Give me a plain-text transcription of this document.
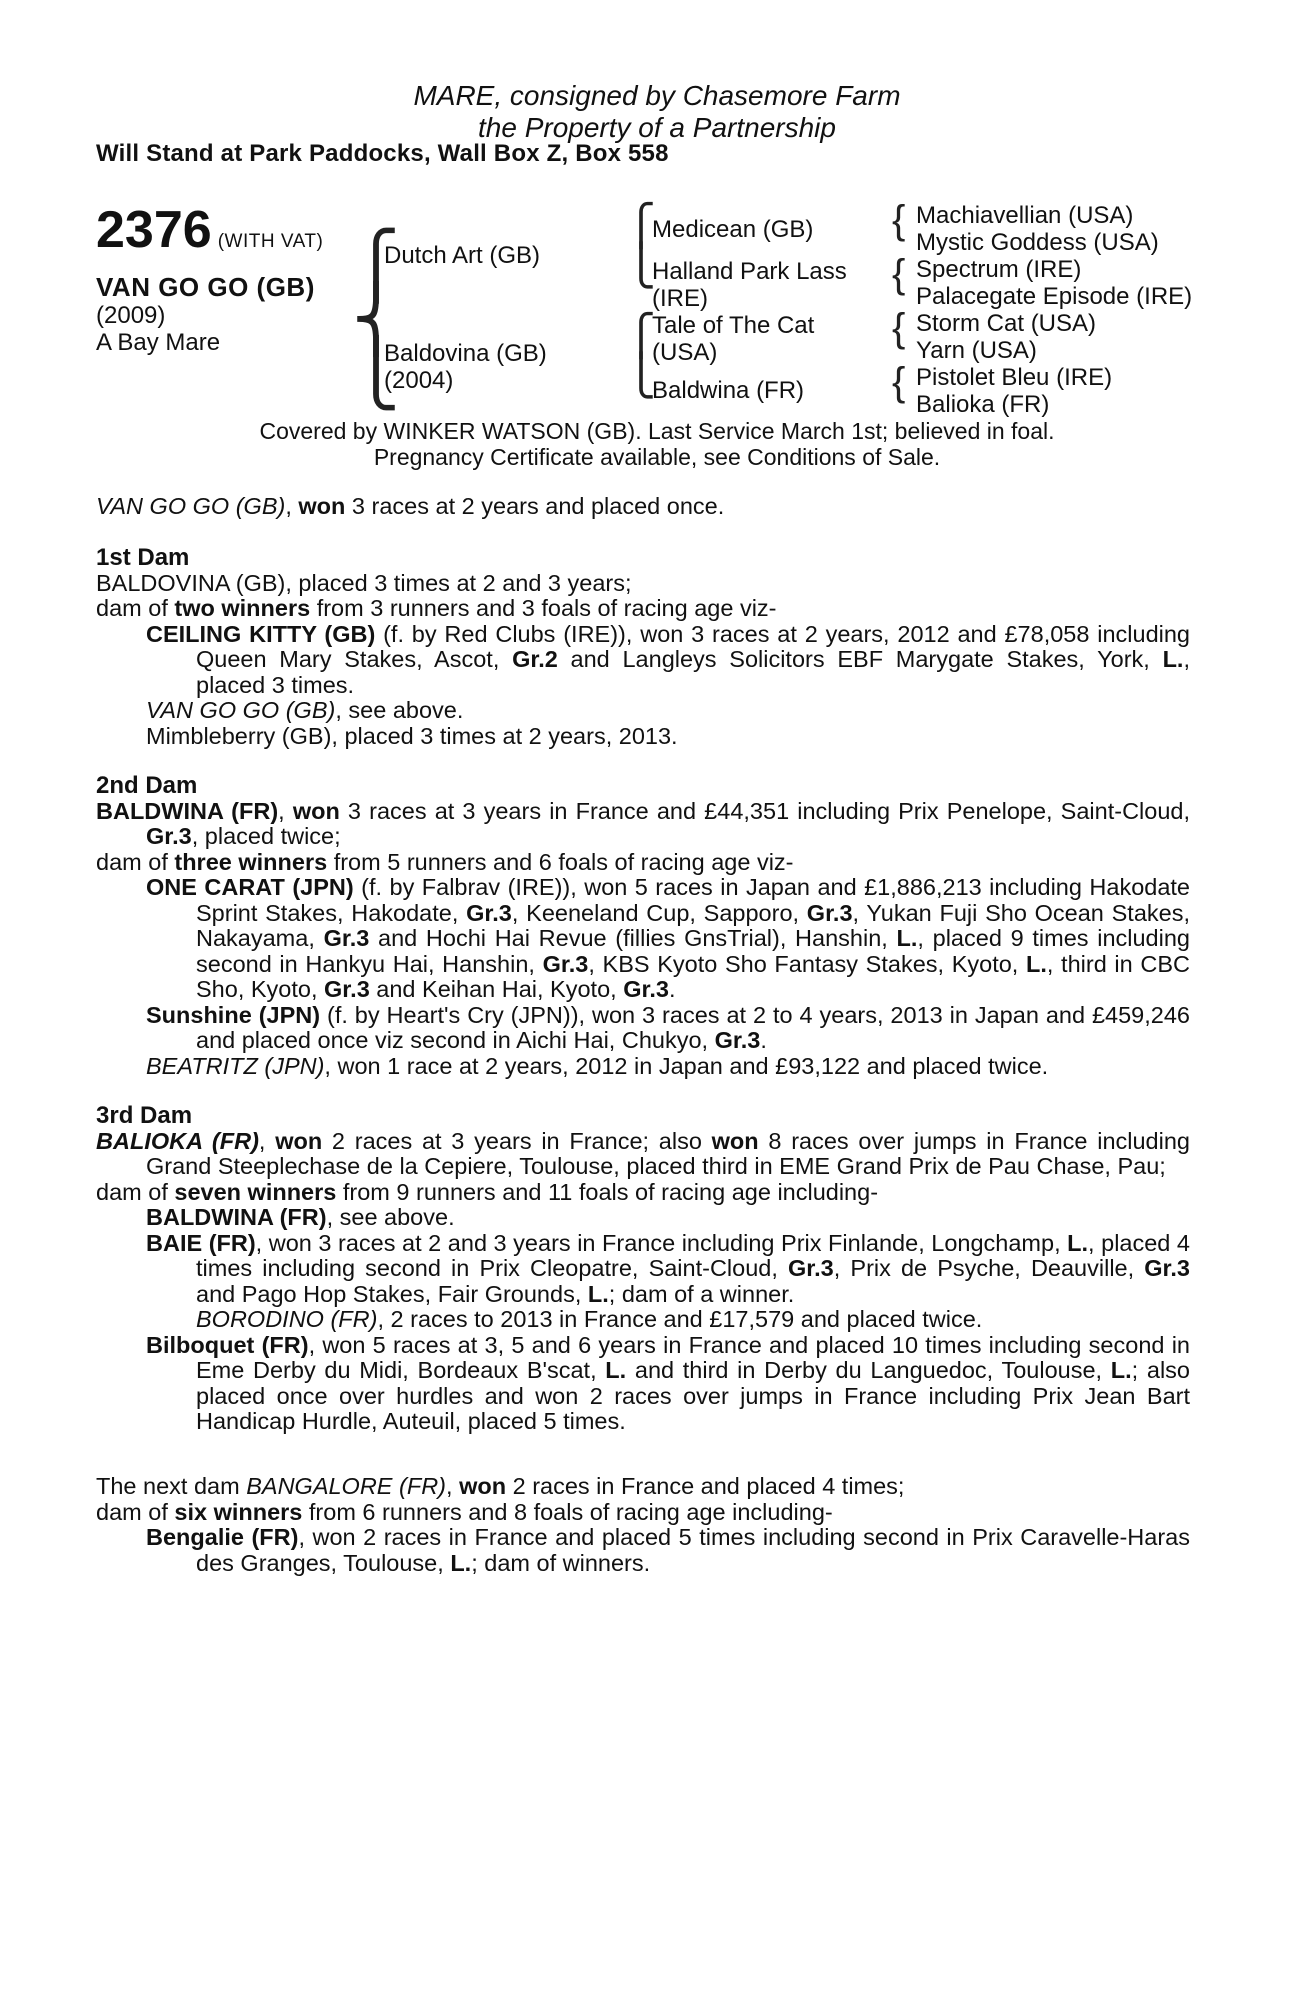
MARE, consigned by Chasemore Farm
the Property of a Partnership
Will Stand at Park Paddocks, Wall Box Z, Box 558
2376 (WITH VAT)
VAN GO GO (GB)
(2009)
A Bay Mare
⎧
⎨
⎩
Dutch Art (GB)
Baldovina (GB)
(2004)
⎧
⎩
⎧
⎩
Medicean (GB)
Halland Park Lass
(IRE)
Tale of The Cat
(USA)
Baldwina (FR)
{
{
{
{
Machiavellian (USA)
Mystic Goddess (USA)
Spectrum (IRE)
Palacegate Episode (IRE)
Storm Cat (USA)
Yarn (USA)
Pistolet Bleu (IRE)
Balioka (FR)
Covered by WINKER WATSON (GB). Last Service March 1st; believed in foal.
Pregnancy Certificate available, see Conditions of Sale.

VAN GO GO (GB), won 3 races at 2 years and placed once.

1st Dam

BALDOVINA (GB), placed 3 times at 2 and 3 years;

dam of two winners from 3 runners and 3 foals of racing age viz-

CEILING KITTY (GB) (f. by Red Clubs (IRE)), won 3 races at 2 years, 2012 and £78,058 including Queen Mary Stakes, Ascot, Gr.2 and Langleys Solicitors EBF Marygate Stakes, York, L., placed 3 times.

VAN GO GO (GB), see above.

Mimbleberry (GB), placed 3 times at 2 years, 2013.

2nd Dam

BALDWINA (FR), won 3 races at 3 years in France and £44,351 including Prix Penelope, Saint-Cloud, Gr.3, placed twice;

dam of three winners from 5 runners and 6 foals of racing age viz-

ONE CARAT (JPN) (f. by Falbrav (IRE)), won 5 races in Japan and £1,886,213 including Hakodate Sprint Stakes, Hakodate, Gr.3, Keeneland Cup, Sapporo, Gr.3, Yukan Fuji Sho Ocean Stakes, Nakayama, Gr.3 and Hochi Hai Revue (fillies GnsTrial), Hanshin, L., placed 9 times including second in Hankyu Hai, Hanshin, Gr.3, KBS Kyoto Sho Fantasy Stakes, Kyoto, L., third in CBC Sho, Kyoto, Gr.3 and Keihan Hai, Kyoto, Gr.3.

Sunshine (JPN) (f. by Heart's Cry (JPN)), won 3 races at 2 to 4 years, 2013 in Japan and £459,246 and placed once viz second in Aichi Hai, Chukyo, Gr.3.

BEATRITZ (JPN), won 1 race at 2 years, 2012 in Japan and £93,122 and placed twice.

3rd Dam

BALIOKA (FR), won 2 races at 3 years in France; also won 8 races over jumps in France including Grand Steeplechase de la Cepiere, Toulouse, placed third in EME Grand Prix de Pau Chase, Pau;

dam of seven winners from 9 runners and 11 foals of racing age including-

BALDWINA (FR), see above.

BAIE (FR), won 3 races at 2 and 3 years in France including Prix Finlande, Longchamp, L., placed 4 times including second in Prix Cleopatre, Saint-Cloud, Gr.3, Prix de Psyche, Deauville, Gr.3 and Pago Hop Stakes, Fair Grounds, L.; dam of a winner.

BORODINO (FR), 2 races to 2013 in France and £17,579 and placed twice.

Bilboquet (FR), won 5 races at 3, 5 and 6 years in France and placed 10 times including second in Eme Derby du Midi, Bordeaux B'scat, L. and third in Derby du Languedoc, Toulouse, L.; also placed once over hurdles and won 2 races over jumps in France including Prix Jean Bart Handicap Hurdle, Auteuil, placed 5 times.

The next dam BANGALORE (FR), won 2 races in France and placed 4 times;

dam of six winners from 6 runners and 8 foals of racing age including-

Bengalie (FR), won 2 races in France and placed 5 times including second in Prix Caravelle-Haras des Granges, Toulouse, L.; dam of winners.
